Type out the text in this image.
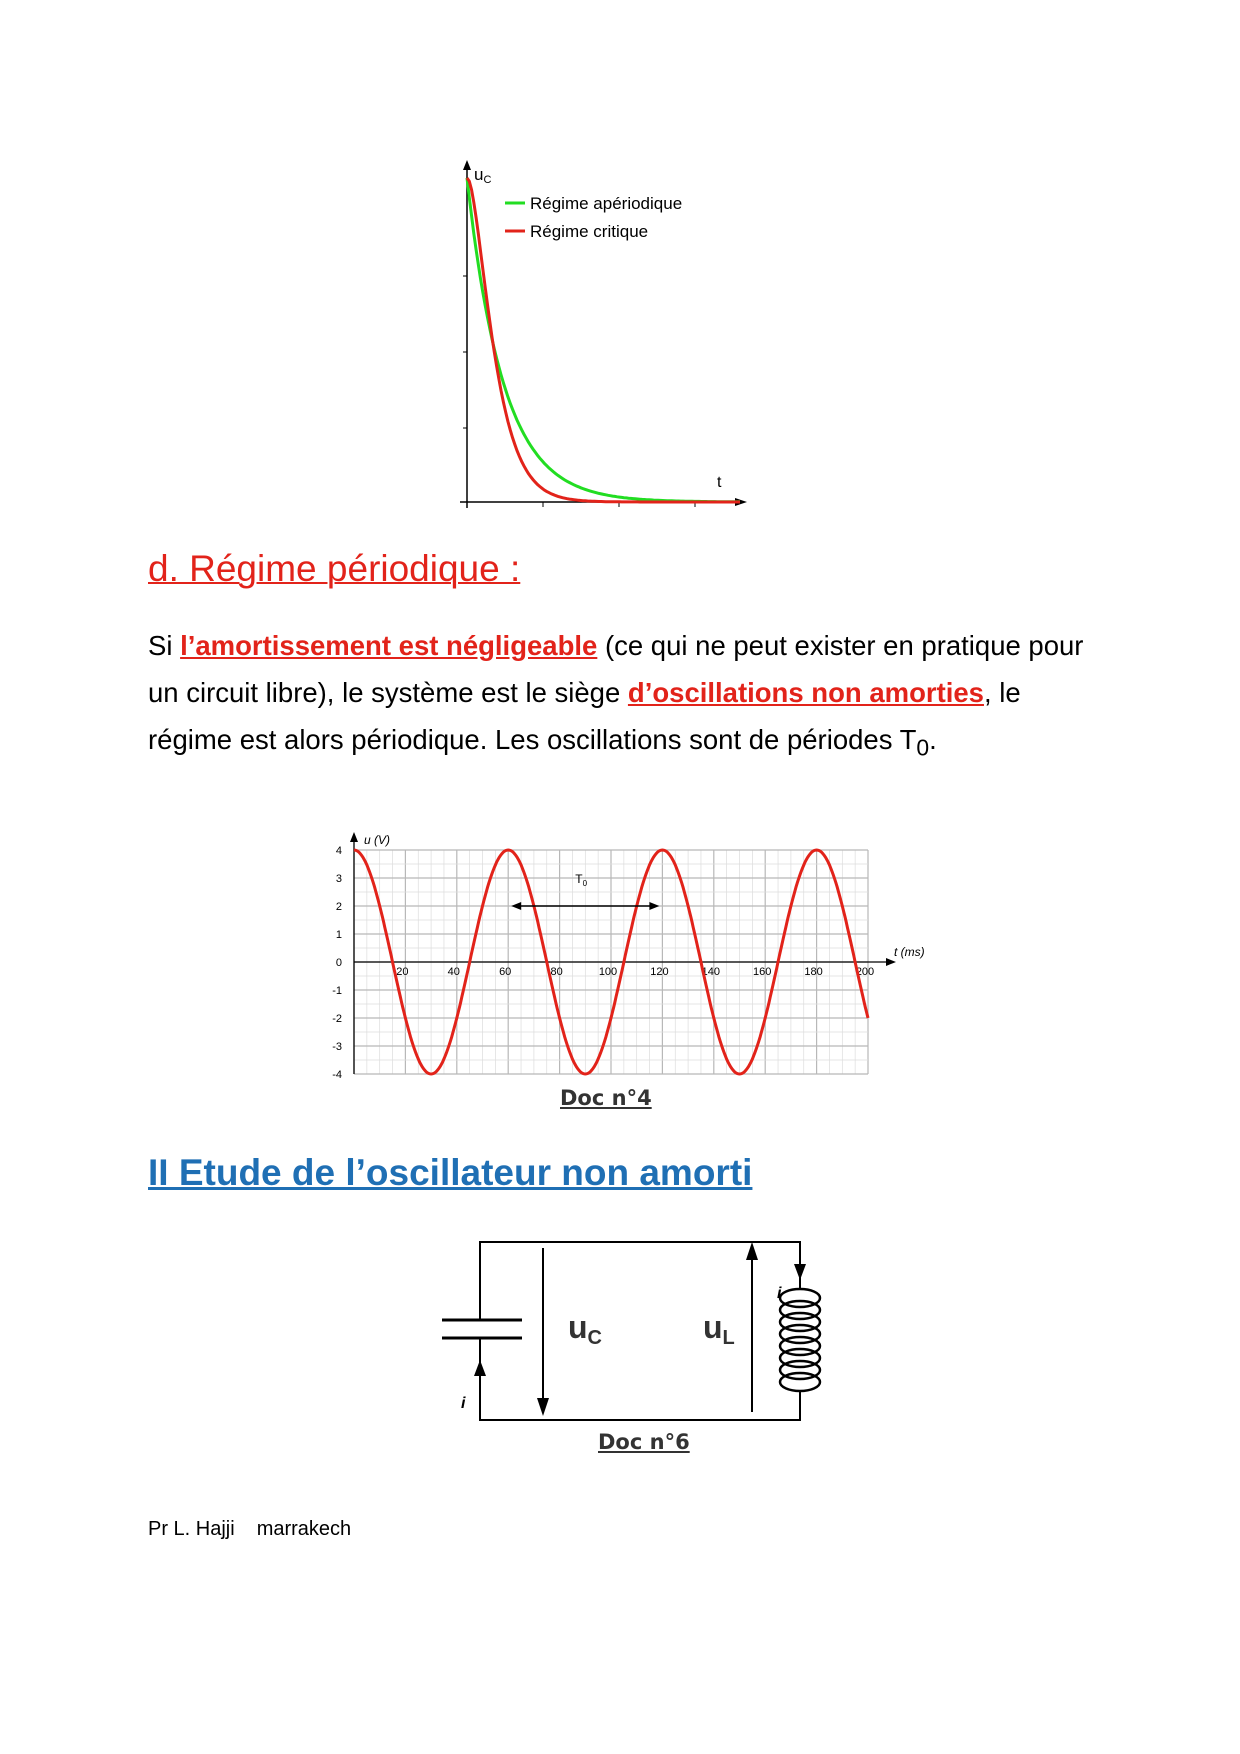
uC
t
Régime apériodique
Régime critique
d. Régime périodique :
Si l’amortissement est négligeable (ce qui ne peut exister en pratique pour un circuit libre), le système est le siège d’oscillations non amorties, le régime est alors périodique. Les oscillations sont de périodes $T_0$.
u (V)
t (ms)
20	40	60	80	100	120	140	160	180	200
4
3
2
1
0
-1
-2
-3
-4
$T_0$
Doc n°4
II Etude de l’oscillateur non amorti
uC	uL
i
i
Doc n°6
Pr L. Hajji marrakech
